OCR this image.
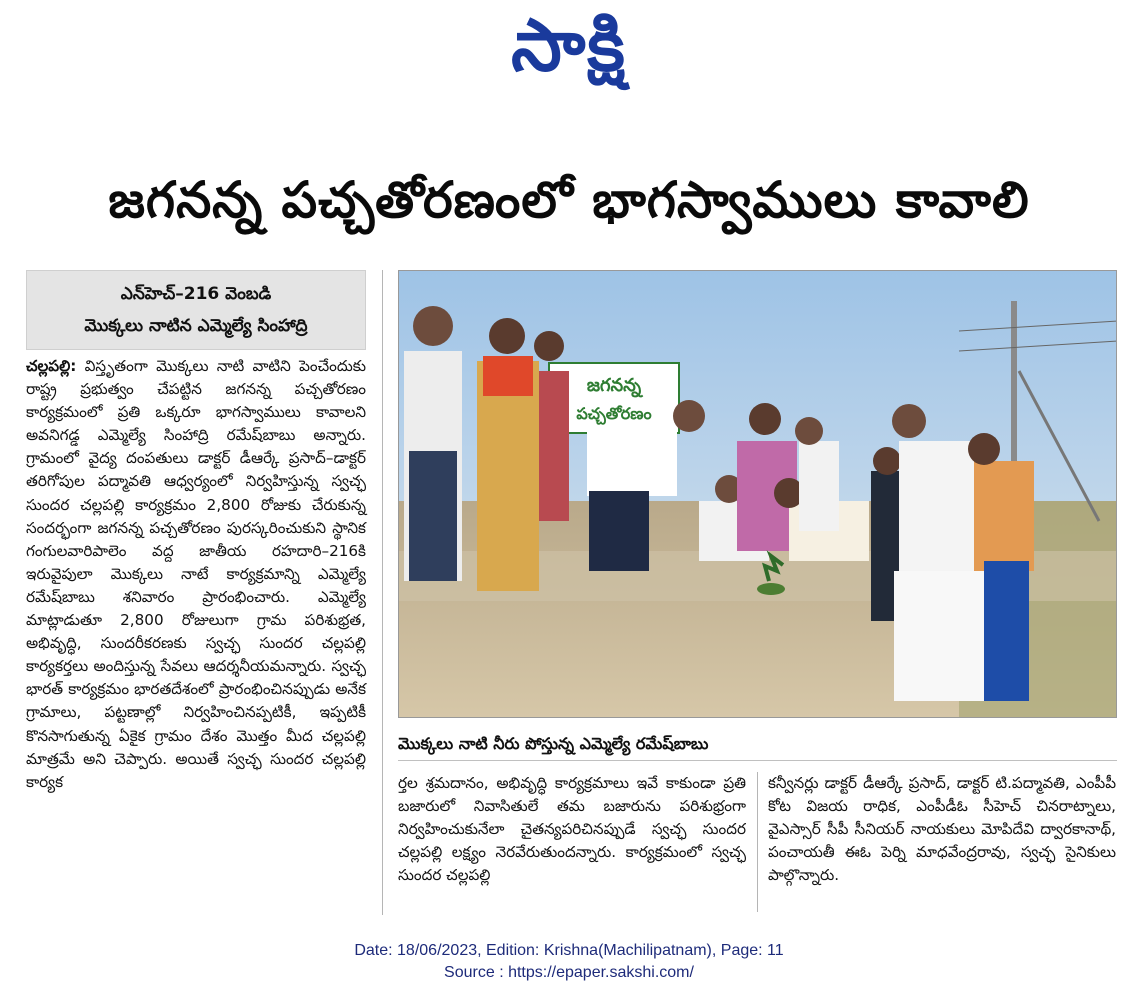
సాక్షి
జగనన్న పచ్చతోరణంలో భాగస్వాములు కావాలి
ఎన్‌హెచ్‌–216 వెంబడి
మొక్కలు నాటిన ఎమ్మెల్యే సింహాద్రి

చల్లపల్లి: విస్తృతంగా మొక్కలు నాటి వాటిని పెంచేందుకు రాష్ట్ర ప్రభుత్వం చేపట్టిన జగనన్న పచ్చతోరణం కార్యక్రమంలో ప్రతి ఒక్కరూ భాగస్వాములు కావాలని అవనిగడ్డ ఎమ్మెల్యే సింహాద్రి రమేష్‌బాబు అన్నారు. గ్రామంలో వైద్య దంపతులు డాక్టర్‌ డీఆర్కే ప్రసాద్‌–డాక్టర్‌ తరిగోపుల పద్మావతి ఆధ్వర్యంలో నిర్వహిస్తున్న స్వచ్ఛ సుందర చల్లపల్లి కార్యక్రమం 2,800 రోజుకు చేరుకున్న సందర్భంగా జగనన్న పచ్చతోరణం పురస్కరించుకుని స్థానిక గంగులవారిపాలెం వద్ద జాతీయ రహదారి–216కి ఇరువైపులా మొక్కలు నాటే కార్యక్రమాన్ని ఎమ్మెల్యే రమేష్‌బాబు శనివారం ప్రారంభించారు. ఎమ్మెల్యే మాట్లాడుతూ 2,800 రోజులుగా గ్రామ పరిశుభ్రత, అభివృద్ధి, సుందరీకరణకు స్వచ్ఛ సుందర చల్లపల్లి కార్యకర్తలు అందిస్తున్న సేవలు ఆదర్శనీయమన్నారు. స్వచ్ఛ భారత్‌ కార్యక్రమం భారతదేశంలో ప్రారంభించినప్పుడు అనేక గ్రామాలు, పట్టణాల్లో నిర్వహించినప్పటికీ, ఇప్పటికీ కొనసాగుతున్న ఏకైక గ్రామం దేశం మొత్తం మీద చల్లపల్లి మాత్రమే అని చెప్పారు. అయితే స్వచ్ఛ సుందర చల్లపల్లి కార్యక

జగనన్న
పచ్చతోరణం
మొక్కలు నాటి నీరు పోస్తున్న ఎమ్మెల్యే రమేష్‌బాబు

ర్తల శ్రమదానం, అభివృద్ధి కార్యక్రమాలు ఇవే కాకుండా ప్రతి బజారులో నివాసితులే తమ బజారును పరిశుభ్రంగా నిర్వహించుకునేలా చైతన్యపరిచినప్పుడే స్వచ్ఛ సుందర చల్లపల్లి లక్ష్యం నెరవేరుతుందన్నారు. కార్యక్రమంలో స్వచ్ఛ సుందర చల్లపల్లి

కన్వీనర్లు డాక్టర్‌ డీఆర్కే ప్రసాద్‌, డాక్టర్‌ టి.పద్మావతి, ఎంపీపీ కోట విజయ రాధిక, ఎంపీడీఓ సీహెచ్‌ చినరాట్నాలు, వైఎస్సార్‌ సీపీ సీనియర్‌ నాయకులు మోపిదేవి ద్వారకానాథ్‌, పంచాయతీ ఈఓ పెర్ని మాధవేంద్రరావు, స్వచ్ఛ సైనికులు పాల్గొన్నారు.

Date: 18/06/2023, Edition: Krishna(Machilipatnam), Page: 11
Source : https://epaper.sakshi.com/
